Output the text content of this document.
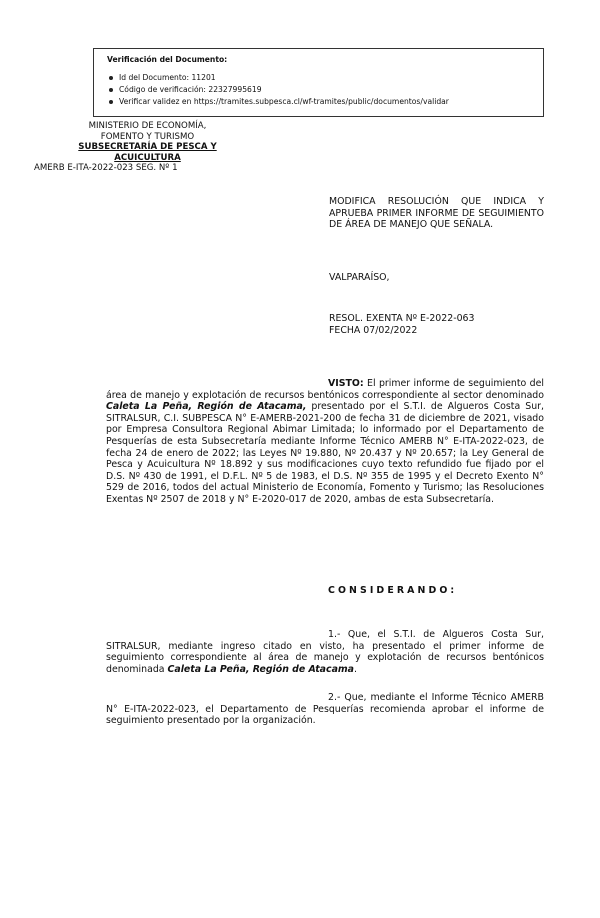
Verificación del Documento:
Id del Documento: 11201
Código de verificación: 22327995619
Verificar validez en https://tramites.subpesca.cl/wf-tramites/public/documentos/validar
MINISTERIO DE ECONOMÍA,
FOMENTO Y TURISMO
SUBSECRETARÍA DE PESCA Y
ACUICULTURA
AMERB E-ITA-2022-023 SEG. Nº 1
MODIFICA RESOLUCIÓN QUE INDICA Y APRUEBA PRIMER INFORME DE SEGUIMIENTO DE ÁREA DE MANEJO QUE SEÑALA.
VALPARAÍSO,
RESOL. EXENTA Nº E-2022-063
FECHA 07/02/2022
VISTO: El primer informe de seguimiento del área de manejo y explotación de recursos bentónicos correspondiente al sector denominado Caleta La Peña, Región de Atacama, presentado por el S.T.I. de Algueros Costa Sur, SITRALSUR, C.I. SUBPESCA N° E-AMERB-2021-200 de fecha 31 de diciembre de 2021, visado por Empresa Consultora Regional Abimar Limitada; lo informado por el Departamento de Pesquerías de esta Subsecretaría mediante Informe Técnico AMERB N° E-ITA-2022-023, de fecha 24 de enero de 2022; las Leyes Nº 19.880, Nº 20.437 y Nº 20.657; la Ley General de Pesca y Acuicultura Nº 18.892 y sus modificaciones cuyo texto refundido fue fijado por el D.S. Nº 430 de 1991, el D.F.L. Nº 5 de 1983, el D.S. Nº 355 de 1995 y el Decreto Exento N° 529 de 2016, todos del actual Ministerio de Economía, Fomento y Turismo; las Resoluciones Exentas Nº 2507 de 2018 y N° E-2020-017 de 2020, ambas de esta Subsecretaría.
CONSIDERANDO:
1.- Que, el S.T.I. de Algueros Costa Sur, SITRALSUR, mediante ingreso citado en visto, ha presentado el primer informe de seguimiento correspondiente al área de manejo y explotación de recursos bentónicos denominada Caleta La Peña, Región de Atacama.
2.- Que, mediante el Informe Técnico AMERB N° E-ITA-2022-023, el Departamento de Pesquerías recomienda aprobar el informe de seguimiento presentado por la organización.
